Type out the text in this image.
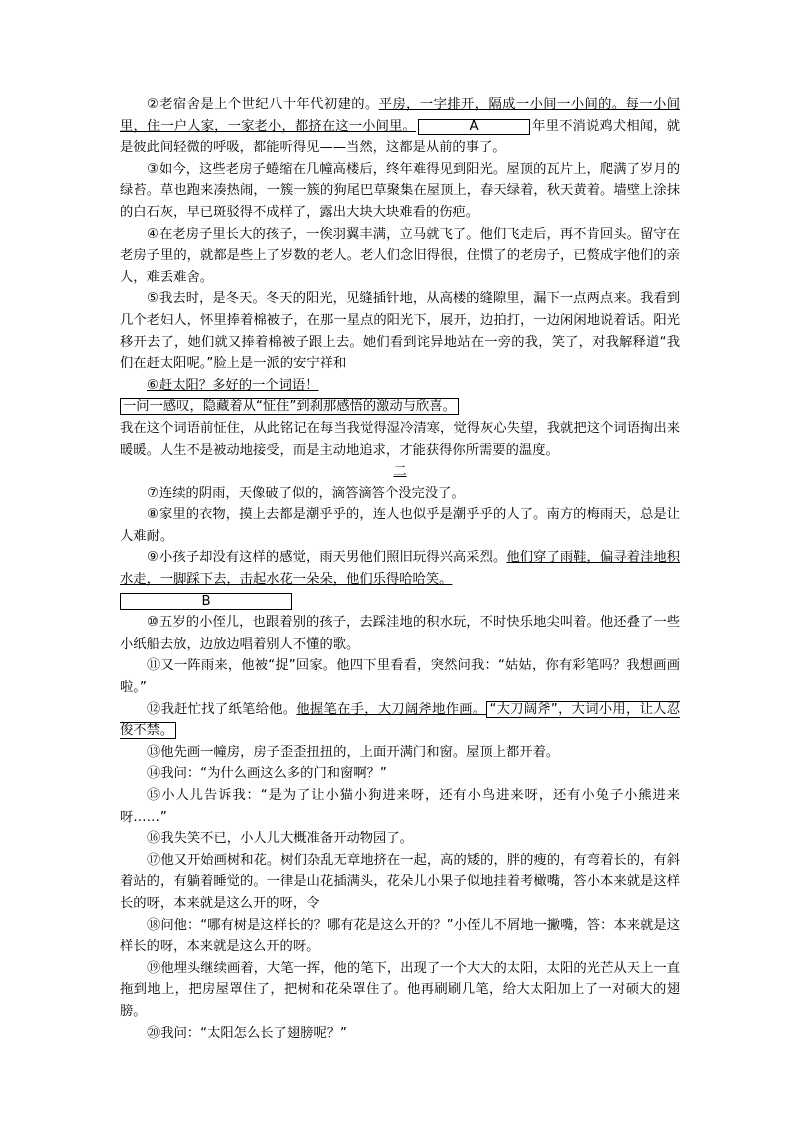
②老宿舍是上个世纪八十年代初建的。平房，一字排开，隔成一小间一小间的。每一小间里，住一户人家，一家老小，都挤在这一小间里。	A	年里不消说鸡犬相闻，就是彼此间轻微的呼吸，都能听得见——当然，这都是从前的事了。

③如今，这些老房子蜷缩在几幢高楼后，终年难得见到阳光。屋顶的瓦片上，爬满了岁月的绿苔。草也跑来凑热闹，一簇一簇的狗尾巴草聚集在屋顶上，春天绿着，秋天黄着。墙壁上涂抹的白石灰，早已斑驳得不成样了，露出大块大块难看的伤疤。

④在老房子里长大的孩子，一俟羽翼丰满，立马就飞了。他们飞走后，再不肯回头。留守在老房子里的，就都是些上了岁数的老人。老人们念旧得很，住惯了的老房子，已赘成字他们的亲人，难丢难舍。

⑤我去时，是冬天。冬天的阳光，见缝插针地，从高楼的缝隙里，漏下一点两点来。我看到几个老妇人，怀里捧着棉被子，在那一星点的阳光下，展开，边拍打，一边闲闲地说着话。阳光移开去了，她们就又捧着棉被子跟上去。她们看到诧异地站在一旁的我，笑了，对我解释道“我们在赶太阳呢。”脸上是一派的安宁祥和

⑥赶太阳？多好的一个词语！

一问一感叹，隐藏着从“怔住”到刹那感悟的激动与欣喜。

我在这个词语前怔住，从此铭记在每当我觉得湿冷清寒，觉得灰心失望，我就把这个词语掏出来暖暖。人生不是被动地接受，而是主动地追求，才能获得你所需要的温度。

二

⑦连续的阴雨，天像破了似的，滴答滴答个没完没了。

⑧家里的衣物，摸上去都是潮乎乎的，连人也似乎是潮乎乎的人了。南方的梅雨天，总是让人难耐。

⑨小孩子却没有这样的感觉，雨天男他们照旧玩得兴高采烈。他们穿了雨鞋，偏寻着洼地积水走，一脚踩下去，击起水花一朵朵，他们乐得哈哈笑。

B

⑩五岁的小侄儿，也跟着别的孩子，去踩洼地的积水玩，不时快乐地尖叫着。他还叠了一些小纸船去放，边放边唱着别人不懂的歌。

⑪又一阵雨来，他被“捉”回家。他四下里看看，突然问我：“姑姑，你有彩笔吗？我想画画啦。”

⑫我赶忙找了纸笔给他。他握笔在手，大刀阔斧地作画。 “大刀阔斧”，大词小用，让人忍俊不禁。

⑬他先画一幢房，房子歪歪扭扭的，上面开满门和窗。屋顶上都开着。

⑭我问：“为什么画这么多的门和窗啊？”

⑮小人儿告诉我：“是为了让小猫小狗进来呀，还有小鸟进来呀，还有小兔子小熊进来呀……”

⑯我失笑不已，小人儿大概准备开动物园了。

⑰他又开始画树和花。树们杂乱无章地挤在一起，高的矮的，胖的瘦的，有弯着长的，有斜着站的，有躺着睡觉的。一律是山花插满头，花朵儿小果子似地挂着考橄嘴，答小本来就是这样长的呀，本来就是这么开的呀，令

⑱问他：“哪有树是这样长的？哪有花是这么开的？”小侄儿不屑地一撇嘴，答：本来就是这样长的呀，本来就是这么开的呀。

⑲他埋头继续画着，大笔一挥，他的笔下，出现了一个大大的太阳，太阳的光芒从天上一直拖到地上，把房屋罩住了，把树和花朵罩住了。他再刷刷几笔，给大太阳加上了一对硕大的翅膀。

⑳我问：“太阳怎么长了翅膀呢？”
